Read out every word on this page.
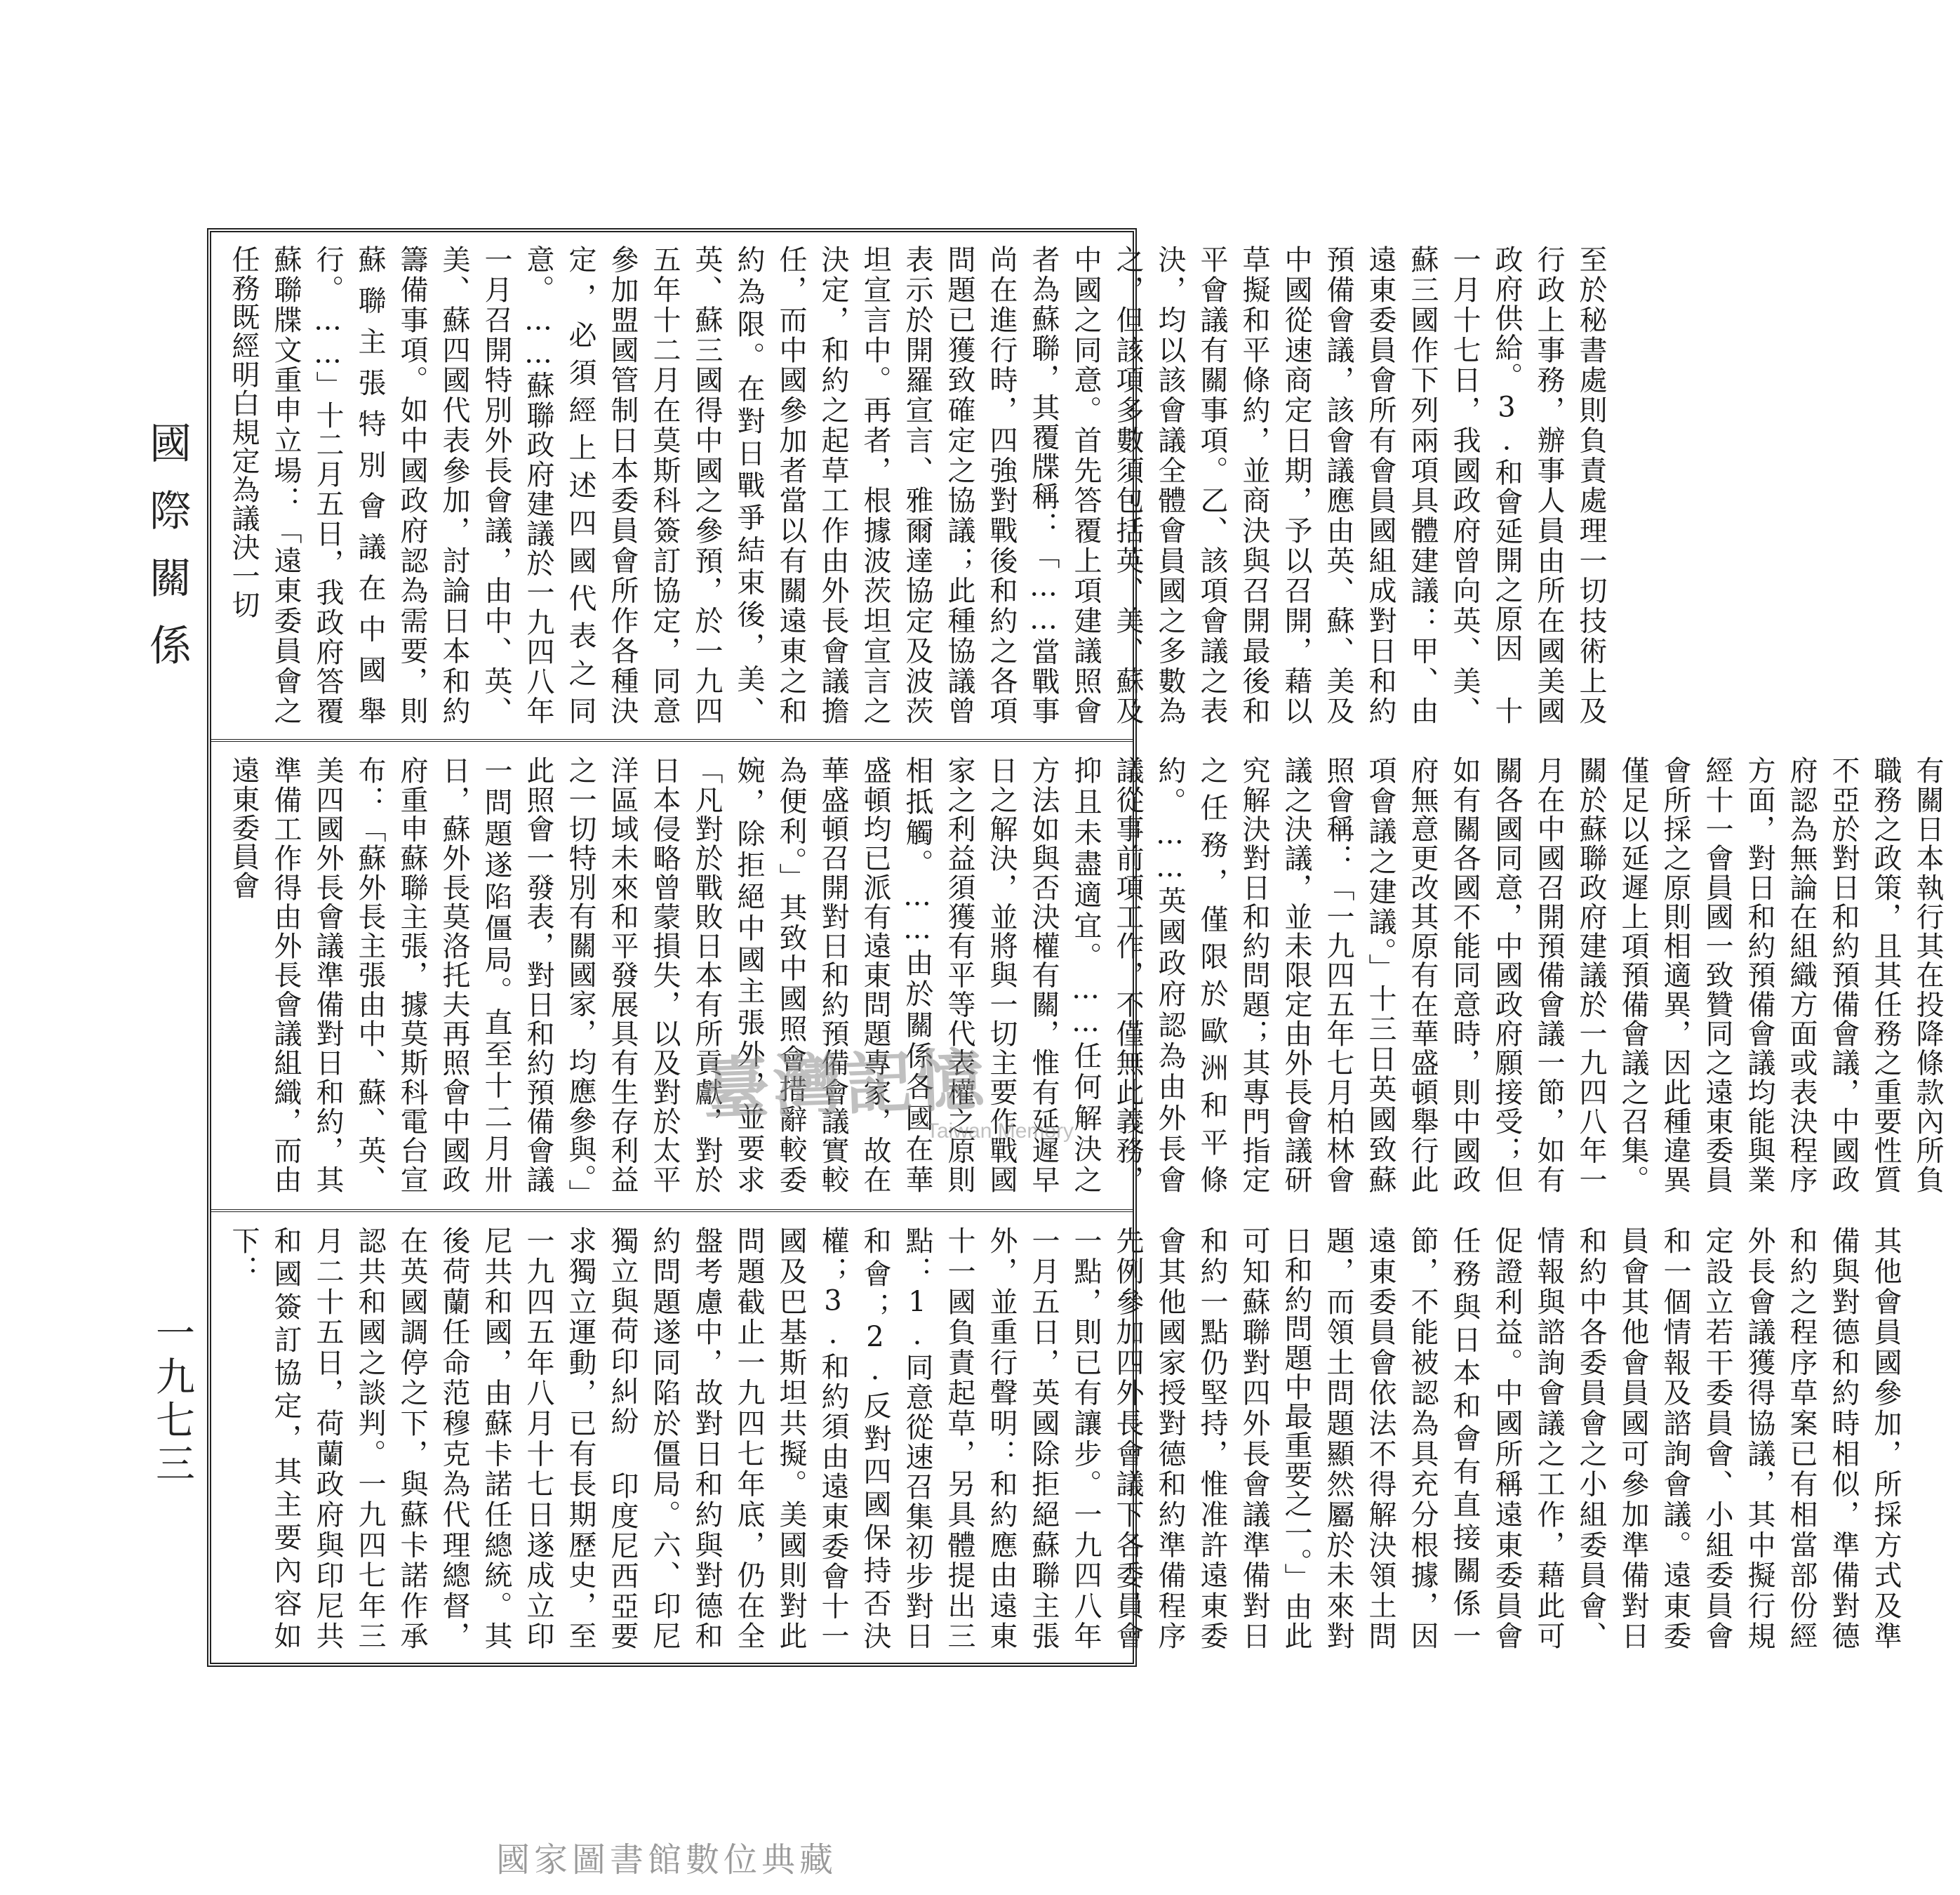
至於秘書處則負責處理一切技術上及行政上事務，辦事人員由所在國美國政府供給。3.和會延開之原因 十一月十七日，我國政府曾向英、美、蘇三國作下列兩項具體建議：甲、由遠東委員會所有會員國組成對日和約預備會議，該會議應由英、蘇、美及中國從速商定日期，予以召開，藉以草擬和平條約，並商決與召開最後和平會議有關事項。乙、該項會議之表決，均以該會議全體會員國之多數為之，但該項多數須包括英、美、蘇及中國之同意。首先答覆上項建議照會者為蘇聯，其覆牒稱：「……當戰事尚在進行時，四強對戰後和約之各項問題已獲致確定之協議；此種協議曾表示於開羅宣言、雅爾達協定及波茨坦宣言中。再者，根據波茨坦宣言之決定，和約之起草工作由外長會議擔任，而中國參加者當以有關遠東之和約為限。在對日戰爭結束後，美、英、蘇三國得中國之參預，於一九四五年十二月在莫斯科簽訂協定，同意參加盟國管制日本委員會所作各種決定，必須經上述四國代表之同意。……蘇聯政府建議於一九四八年一月召開特別外長會議，由中、英、美、蘇四國代表參加，討論日本和約籌備事項。如中國政府認為需要，則蘇聯主張特別會議在中國舉行。……」十二月五日，我政府答覆蘇聯牒文重申立場：「遠東委員會之任務既經明白規定為議決一切
有關日本執行其在投降條款內所負職務之政策，且其任務之重要性質不亞於對日和約預備會議，中國政府認為無論在組織方面或表決程序方面，對日和約預備會議均能與業經十一會員國一致贊同之遠東委員會所採之原則相適異，因此種違異僅足以延遲上項預備會議之召集。關於蘇聯政府建議於一九四八年一月在中國召開預備會議一節，如有關各國同意，中國政府願接受；但如有關各國不能同意時，則中國政府無意更改其原有在華盛頓舉行此項會議之建議。」十三日英國致蘇照會稱：「一九四五年七月柏林會議之決議，並未限定由外長會議研究解決對日和約問題；其專門指定之任務，僅限於歐洲和平條約。……英國政府認為由外長會議從事前項工作，不僅無此義務，抑且未盡適宜。……任何解決之方法如與否決權有關，惟有延遲早日之解決，並將與一切主要作戰國家之利益須獲有平等代表權之原則相抵觸。……由於關係各國在華盛頓均已派有遠東問題專家，故在華盛頓召開對日和約預備會議實較為便利。」其致中國照會措辭較委婉，除拒絕中國主張外，並要求「凡對於戰敗日本有所貢獻，對於日本侵略曾蒙損失，以及對於太平洋區域未來和平發展具有生存利益之一切特別有關國家，均應參與。」此照會一發表，對日和約預備會議一問題遂陷僵局。直至十二月卅日，蘇外長莫洛托夫再照會中國政府重申蘇聯主張，據莫斯科電台宣布：「蘇外長主張由中、蘇、英、美四國外長會議準備對日和約，其準備工作得由外長會議組織，而由遠東委員會
其他會員國參加，所採方式及準備與對德和約時相似，準備對德和約之程序草案已有相當部份經外長會議獲得協議，其中擬行規定設立若干委員會、小組委員會和一個情報及諮詢會議。遠東委員會其他會員國可參加準備對日和約中各委員會之小組委員會、情報與諮詢會議之工作，藉此可促證利益。中國所稱遠東委員會任務與日本和會有直接關係一節，不能被認為具充分根據，因遠東委員會依法不得解決領土問題，而領土問題顯然屬於未來對日和約問題中最重要之一。」由此可知蘇聯對四外長會議準備對日和約一點仍堅持，惟准許遠東委會其他國家授對德和約準備程序先例參加四外長會議下各委員會一點，則已有讓步。一九四八年一月五日，英國除拒絕蘇聯主張外，並重行聲明：和約應由遠東十一國負責起草，另具體提出三點：1.同意從速召集初步對日和會；2.反對四國保持否決權；3.和約須由遠東委會十一國及巴基斯坦共擬。美國則對此問題截止一九四七年底，仍在全盤考慮中，故對日和約與對德和約問題遂同陷於僵局。六、印尼獨立與荷印糾紛 印度尼西亞要求獨立運動，已有長期歷史，至一九四五年八月十七日遂成立印尼共和國，由蘇卡諾任總統。其後荷蘭任命范穆克為代理總督，在英國調停之下，與蘇卡諾作承認共和國之談判。一九四七年三月二十五日，荷蘭政府與印尼共和國簽訂協定，其主要內容如下：
國際關係
一九七三
臺灣記憶
Taiwan Memory
國家圖書館數位典藏
